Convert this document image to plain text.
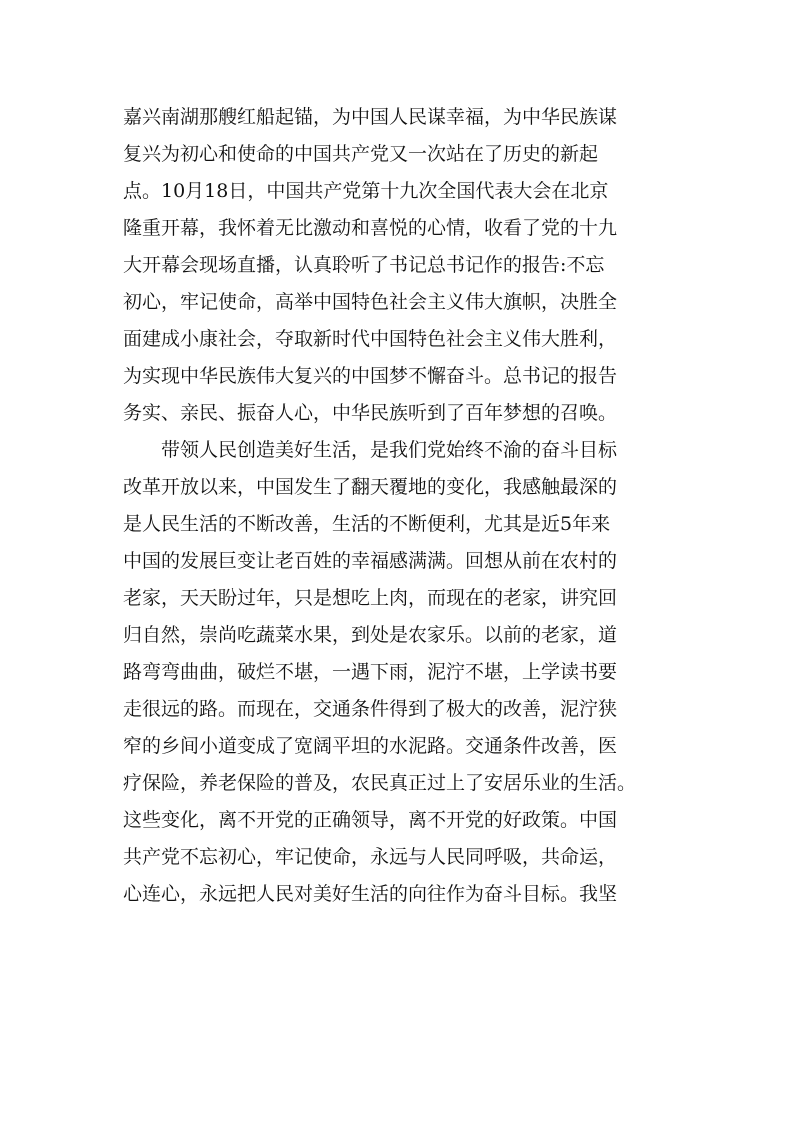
嘉兴南湖那艘红船起锚，为中国人民谋幸福，为中华民族谋
复兴为初心和使命的中国共产党又一次站在了历史的新起
点。10月18日，中国共产党第十九次全国代表大会在北京
隆重开幕，我怀着无比激动和喜悦的心情，收看了党的十九
大开幕会现场直播，认真聆听了书记总书记作的报告:不忘
初心，牢记使命，高举中国特色社会主义伟大旗帜，决胜全
面建成小康社会，夺取新时代中国特色社会主义伟大胜利，
为实现中华民族伟大复兴的中国梦不懈奋斗。总书记的报告
务实、亲民、振奋人心，中华民族听到了百年梦想的召唤。
带领人民创造美好生活，是我们党始终不渝的奋斗目标
改革开放以来，中国发生了翻天覆地的变化，我感触最深的
是人民生活的不断改善，生活的不断便利，尤其是近5年来
中国的发展巨变让老百姓的幸福感满满。回想从前在农村的
老家，天天盼过年，只是想吃上肉，而现在的老家，讲究回
归自然，崇尚吃蔬菜水果，到处是农家乐。以前的老家，道
路弯弯曲曲，破烂不堪，一遇下雨，泥泞不堪，上学读书要
走很远的路。而现在，交通条件得到了极大的改善，泥泞狭
窄的乡间小道变成了宽阔平坦的水泥路。交通条件改善，医
疗保险，养老保险的普及，农民真正过上了安居乐业的生活。
这些变化，离不开党的正确领导，离不开党的好政策。中国
共产党不忘初心，牢记使命，永远与人民同呼吸，共命运，
心连心，永远把人民对美好生活的向往作为奋斗目标。我坚
